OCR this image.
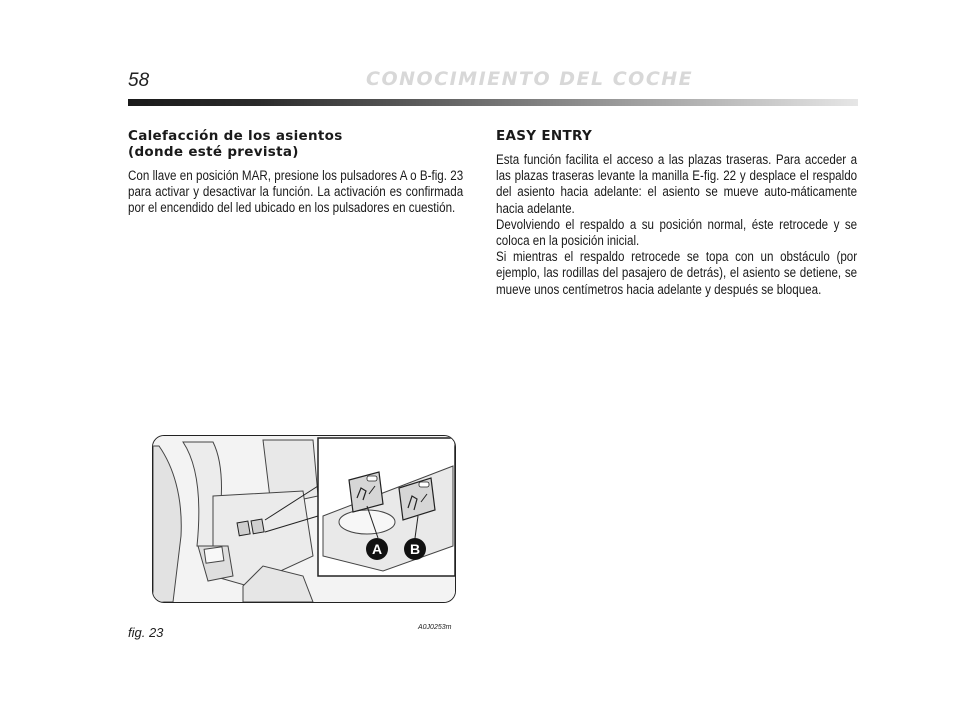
58	CONOCIMIENTO DEL COCHE
Calefacción de los asientos
(donde esté prevista)

Con llave en posición MAR, presione los pulsadores A o B-fig. 23 para activar y desactivar la función. La activación es confirmada por el encendido del led ubicado en los pulsadores en cuestión.

EASY ENTRY

Esta función facilita el acceso a las plazas traseras. Para acceder a las plazas traseras levante la manilla E-fig. 22 y desplace el respaldo del asiento hacia adelante: el asiento se mueve auto-máticamente hacia adelante.

Devolviendo el respaldo a su posición normal, éste retrocede y se coloca en la posición inicial.

Si mientras el respaldo retrocede se topa con un obstáculo (por ejemplo, las rodillas del pasajero de detrás), el asiento se detiene, se mueve unos centímetros hacia adelante y después se bloquea.

A B
fig. 23	A0J0253m
